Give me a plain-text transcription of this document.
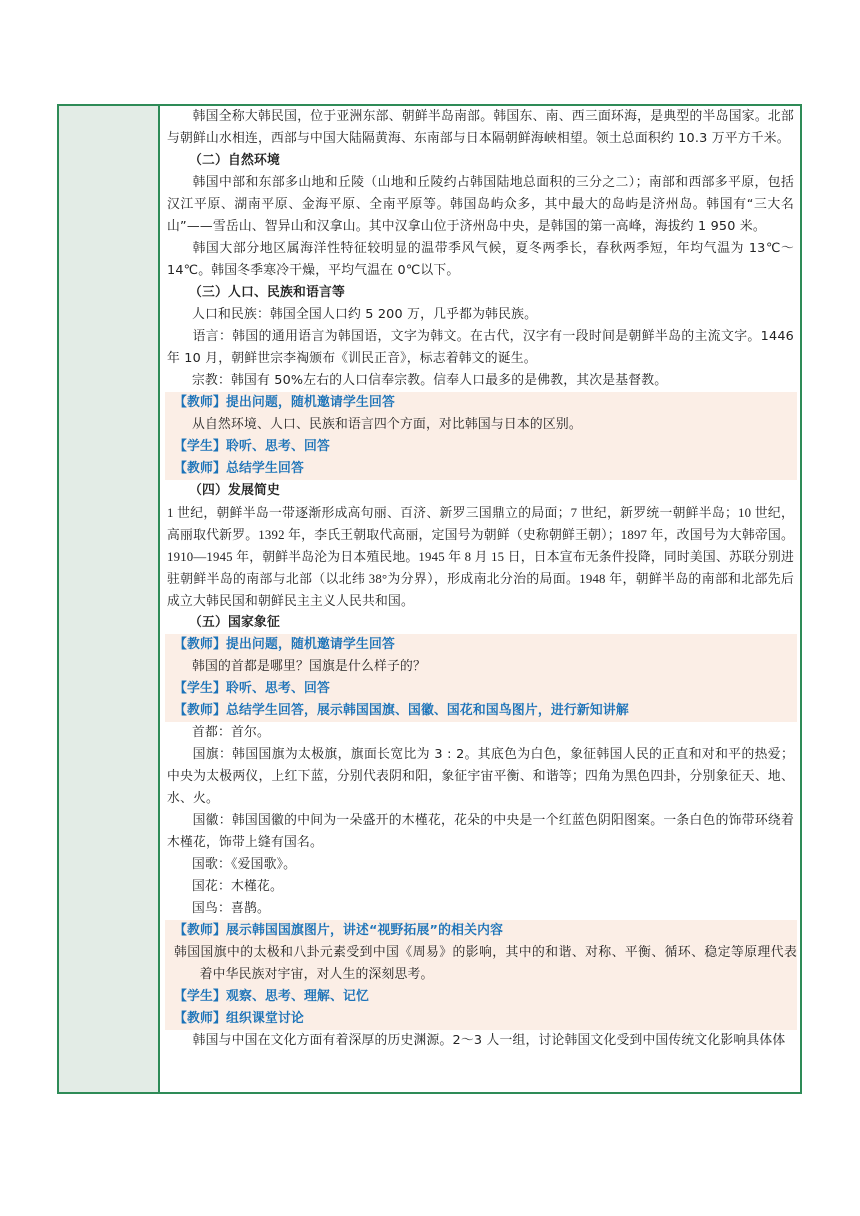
韩国全称大韩民国，位于亚洲东部、朝鲜半岛南部。韩国东、南、西三面环海，是典型的半岛国家。北部与朝鲜山水相连，西部与中国大陆隔黄海、东南部与日本隔朝鲜海峡相望。领土总面积约 10.3 万平方千米。

（二）自然环境

韩国中部和东部多山地和丘陵（山地和丘陵约占韩国陆地总面积的三分之二）；南部和西部多平原，包括汉江平原、湖南平原、金海平原、全南平原等。韩国岛屿众多，其中最大的岛屿是济州岛。韩国有“三大名山”——雪岳山、智异山和汉拿山。其中汉拿山位于济州岛中央，是韩国的第一高峰，海拔约 1 950 米。

韩国大部分地区属海洋性特征较明显的温带季风气候，夏冬两季长，春秋两季短，年均气温为 13℃～14℃。韩国冬季寒冷干燥，平均气温在 0℃以下。

（三）人口、民族和语言等

人口和民族：韩国全国人口约 5 200 万，几乎都为韩民族。

语言：韩国的通用语言为韩国语，文字为韩文。在古代，汉字有一段时间是朝鲜半岛的主流文字。1446 年 10 月，朝鲜世宗李祹颁布《训民正音》，标志着韩文的诞生。

宗教：韩国有 50%左右的人口信奉宗教。信奉人口最多的是佛教，其次是基督教。

【教师】提出问题，随机邀请学生回答

从自然环境、人口、民族和语言四个方面，对比韩国与日本的区别。

【学生】聆听、思考、回答

【教师】总结学生回答

（四）发展简史

1 世纪，朝鲜半岛一带逐渐形成高句丽、百济、新罗三国鼎立的局面；7 世纪，新罗统一朝鲜半岛；10 世纪，高丽取代新罗。1392 年，李氏王朝取代高丽，定国号为朝鲜（史称朝鲜王朝）；1897 年，改国号为大韩帝国。1910—1945 年，朝鲜半岛沦为日本殖民地。1945 年 8 月 15 日，日本宣布无条件投降，同时美国、苏联分别进驻朝鲜半岛的南部与北部（以北纬 38°为分界），形成南北分治的局面。1948 年，朝鲜半岛的南部和北部先后成立大韩民国和朝鲜民主主义人民共和国。

（五）国家象征

【教师】提出问题，随机邀请学生回答

韩国的首都是哪里？国旗是什么样子的？

【学生】聆听、思考、回答

【教师】总结学生回答，展示韩国国旗、国徽、国花和国鸟图片，进行新知讲解

首都：首尔。

国旗：韩国国旗为太极旗，旗面长宽比为 3 : 2。其底色为白色，象征韩国人民的正直和对和平的热爱；中央为太极两仪，上红下蓝，分别代表阴和阳，象征宇宙平衡、和谐等；四角为黑色四卦，分别象征天、地、水、火。

国徽：韩国国徽的中间为一朵盛开的木槿花，花朵的中央是一个红蓝色阴阳图案。一条白色的饰带环绕着木槿花，饰带上缝有国名。

国歌：《爱国歌》。

国花：木槿花。

国鸟：喜鹊。

【教师】展示韩国国旗图片，讲述“视野拓展”的相关内容

韩国国旗中的太极和八卦元素受到中国《周易》的影响，其中的和谐、对称、平衡、循环、稳定等原理代表着中华民族对宇宙，对人生的深刻思考。

【学生】观察、思考、理解、记忆

【教师】组织课堂讨论

韩国与中国在文化方面有着深厚的历史渊源。2～3 人一组，讨论韩国文化受到中国传统文化影响具体体
